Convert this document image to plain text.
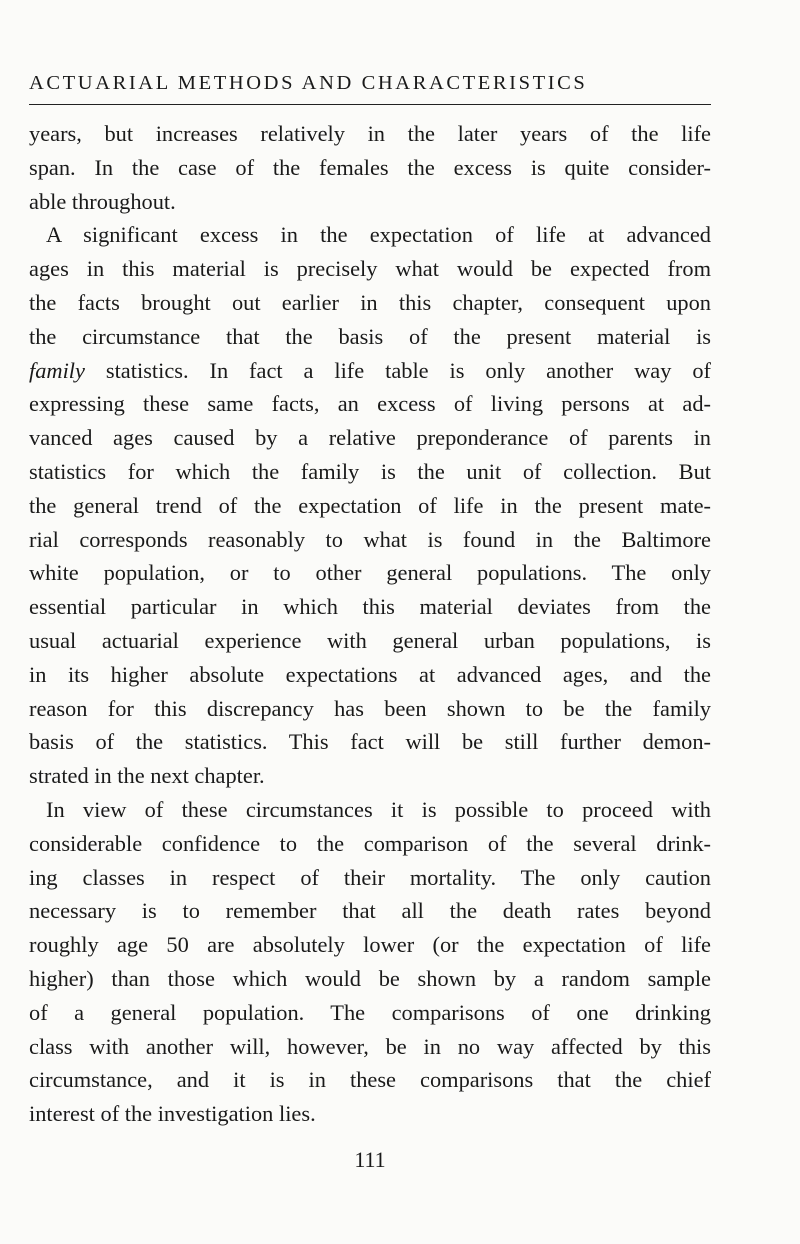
ACTUARIAL METHODS AND CHARACTERISTICS
years, but increases relatively in the later years of the life
span. In the case of the females the excess is quite consider-
able throughout.
A significant excess in the expectation of life at advanced
ages in this material is precisely what would be expected from
the facts brought out earlier in this chapter, consequent upon
the circumstance that the basis of the present material is
family statistics. In fact a life table is only another way of
expressing these same facts, an excess of living persons at ad-
vanced ages caused by a relative preponderance of parents in
statistics for which the family is the unit of collection. But
the general trend of the expectation of life in the present mate-
rial corresponds reasonably to what is found in the Baltimore
white population, or to other general populations. The only
essential particular in which this material deviates from the
usual actuarial experience with general urban populations, is
in its higher absolute expectations at advanced ages, and the
reason for this discrepancy has been shown to be the family
basis of the statistics. This fact will be still further demon-
strated in the next chapter.
In view of these circumstances it is possible to proceed with
considerable confidence to the comparison of the several drink-
ing classes in respect of their mortality. The only caution
necessary is to remember that all the death rates beyond
roughly age 50 are absolutely lower (or the expectation of life
higher) than those which would be shown by a random sample
of a general population. The comparisons of one drinking
class with another will, however, be in no way affected by this
circumstance, and it is in these comparisons that the chief
interest of the investigation lies.
111
